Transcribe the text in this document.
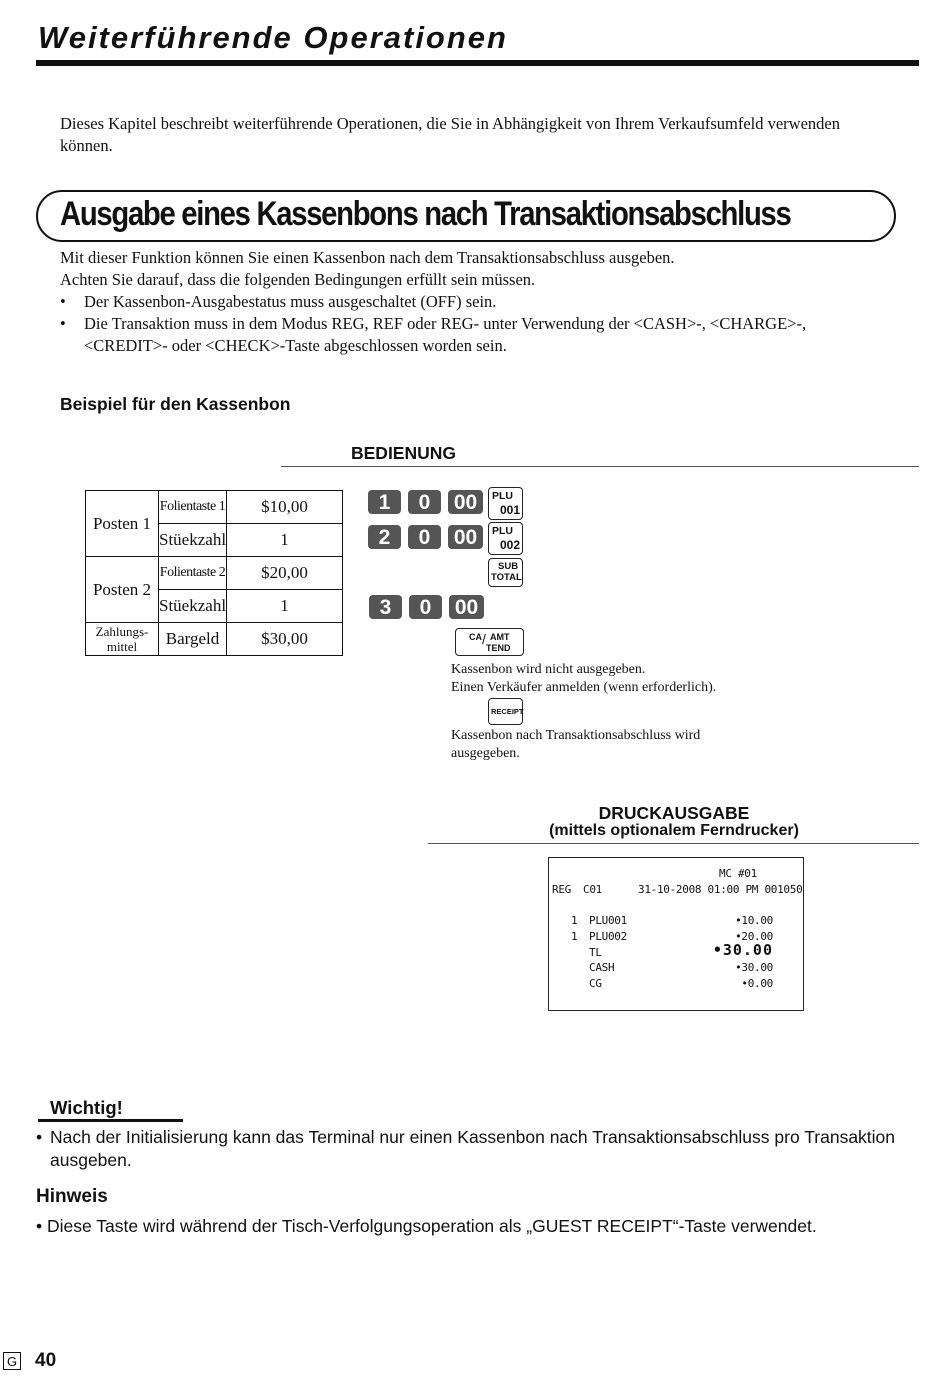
Weiterführende Operationen
Dieses Kapitel beschreibt weiterführende Operationen, die Sie in Abhängigkeit von Ihrem Verkaufsumfeld verwenden können.
Ausgabe eines Kassenbons nach Transaktionsabschluss
Mit dieser Funktion können Sie einen Kassenbon nach dem Transaktionsabschluss ausgeben.
Achten Sie darauf, dass die folgenden Bedingungen erfüllt sein müssen.
• Der Kassenbon-Ausgabestatus muss ausgeschaltet (OFF) sein.
• Die Transaktion muss in dem Modus REG, REF oder REG- unter Verwendung der <CASH>-, <CHARGE>-, <CREDIT>- oder <CHECK>-Taste abgeschlossen worden sein.
Beispiel für den Kassenbon
BEDIENUNG
Posten 1	Folientaste 1	$10,00
	Stüekzahl	1
Posten 2	Folientaste 2	$20,00
	Stüekzahl	1

Zahlungs-
mittel	Bargeld	$30,00
1	0	00	PLU
001
2	0	00	PLU
002
SUB
TOTAL
3	0	00
CA / AMT
TEND
Kassenbon wird nicht ausgegeben.
Einen Verkäufer anmelden (wenn erforderlich).
RECEIPT
Kassenbon nach Transaktionsabschluss wird ausgegeben.
DRUCKAUSGABE
(mittels optionalem Ferndrucker)
MC #01
REG C01	31-10-2008 01:00 PM 001050
1 PLU001	•10.00
1 PLU002	•20.00
TL	•30.00
CASH	•30.00
CG	•0.00
Wichtig!
• Nach der Initialisierung kann das Terminal nur einen Kassenbon nach Transaktionsabschluss pro Transaktion ausgeben.
Hinweis
• Diese Taste wird während der Tisch-Verfolgungsoperation als „GUEST RECEIPT“-Taste verwendet.
G 40
